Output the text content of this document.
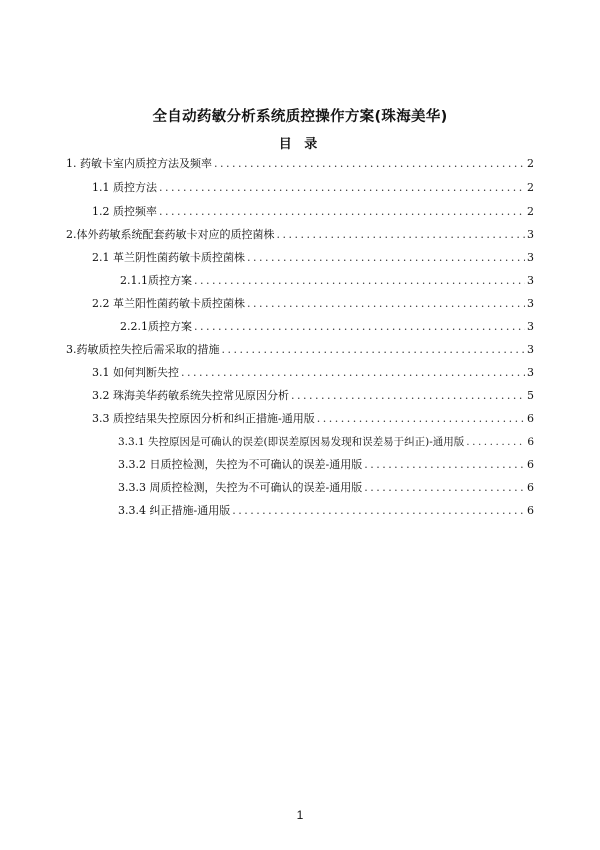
全自动药敏分析系统质控操作方案(珠海美华)
目 录
1. 药敏卡室内质控方法及频率 .....	2
1.1 质控方法 .....	2
1.2 质控频率 .....	2
2.体外药敏系统配套药敏卡对应的质控菌株 .....	3
2.1 革兰阴性菌药敏卡质控菌株 .....	3
2.1.1质控方案 .....	3
2.2 革兰阳性菌药敏卡质控菌株 .....	3
2.2.1质控方案 .....	3
3.药敏质控失控后需采取的措施 .....	3
3.1 如何判断失控 .....	3
3.2 珠海美华药敏系统失控常见原因分析 .....	5
3.3 质控结果失控原因分析和纠正措施-通用版 .....	6
3.3.1 失控原因是可确认的误差(即误差原因易发现和误差易于纠正)-通用版 .....	6
3.3.2 日质控检测，失控为不可确认的误差-通用版 .....	6
3.3.3 周质控检测，失控为不可确认的误差-通用版 .....	6
3.3.4 纠正措施-通用版 .....	6
1
